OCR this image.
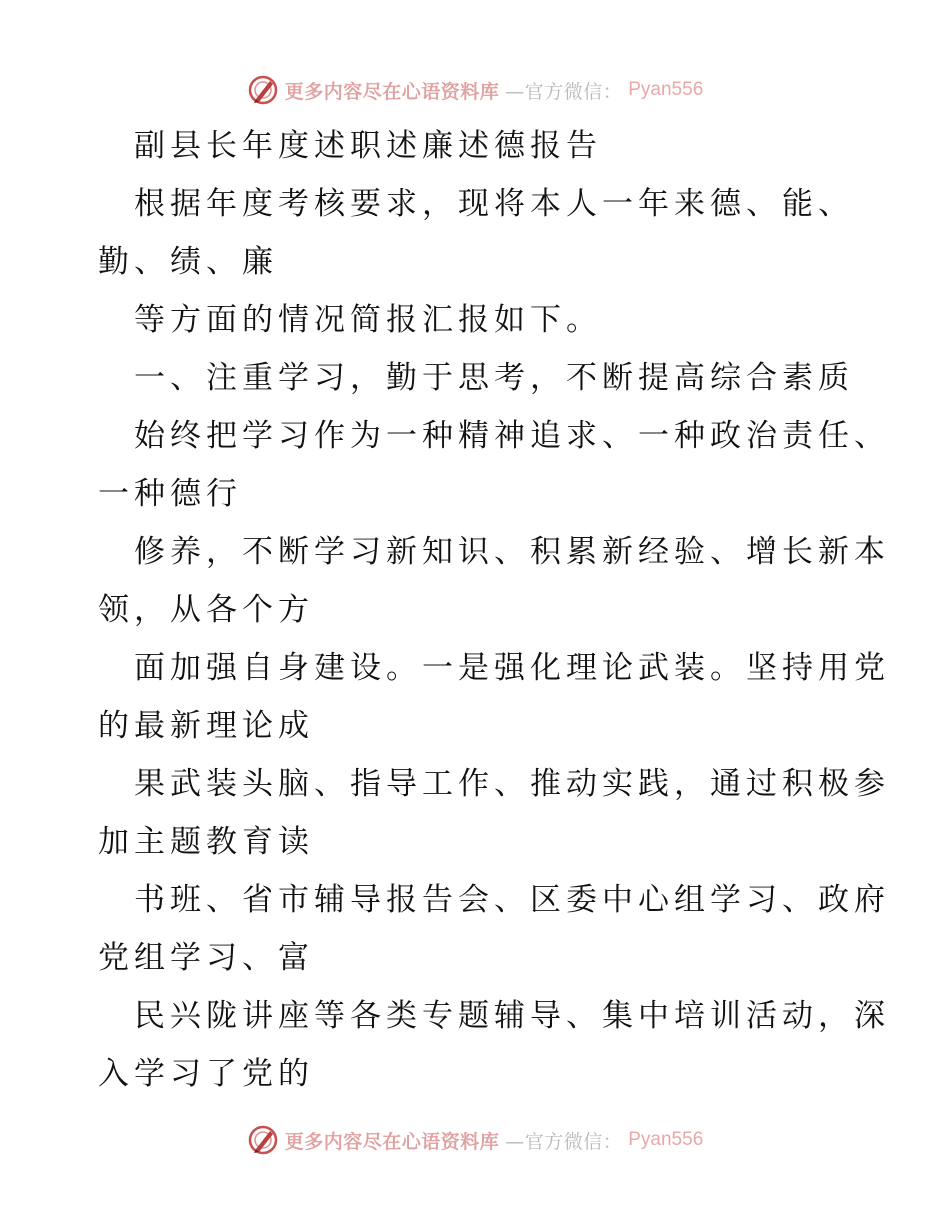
更多内容尽在心语资料库 —官方微信： Pyan556
副县长年度述职述廉述德报告
根据年度考核要求，现将本人一年来德、能、
勤、绩、廉
等方面的情况简报汇报如下。
一、注重学习，勤于思考，不断提高综合素质
始终把学习作为一种精神追求、一种政治责任、
一种德行
修养，不断学习新知识、积累新经验、增长新本
领，从各个方
面加强自身建设。一是强化理论武装。坚持用党
的最新理论成
果武装头脑、指导工作、推动实践，通过积极参
加主题教育读
书班、省市辅导报告会、区委中心组学习、政府
党组学习、富
民兴陇讲座等各类专题辅导、集中培训活动，深
入学习了党的
更多内容尽在心语资料库 —官方微信： Pyan556
